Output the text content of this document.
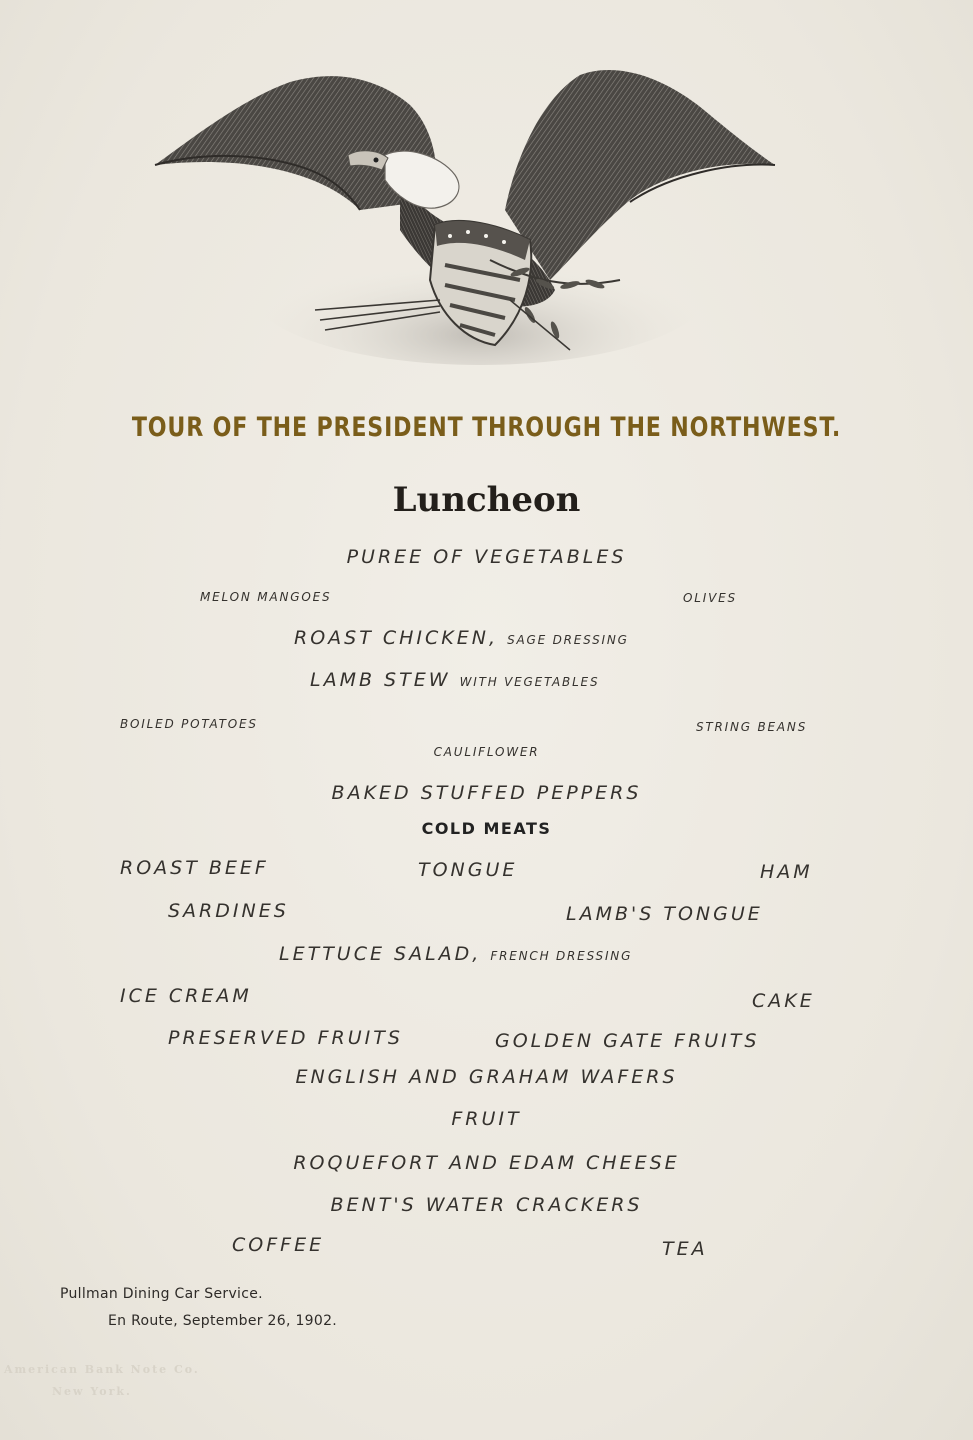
TOUR OF THE PRESIDENT THROUGH THE NORTHWEST.
Luncheon
PUREE OF VEGETABLES
MELON MANGOES	OLIVES
ROAST CHICKEN, SAGE DRESSING
LAMB STEW WITH VEGETABLES
BOILED POTATOES	STRING BEANS
CAULIFLOWER
BAKED STUFFED PEPPERS
COLD MEATS
ROAST BEEF	TONGUE	HAM
SARDINES	LAMB'S TONGUE
LETTUCE SALAD, FRENCH DRESSING
ICE CREAM	CAKE
PRESERVED FRUITS	GOLDEN GATE FRUITS
ENGLISH AND GRAHAM WAFERS
FRUIT
ROQUEFORT AND EDAM CHEESE
BENT'S WATER CRACKERS
COFFEE	TEA
Pullman Dining Car Service.
En Route, September 26, 1902.
American Bank Note Co.
New York.
